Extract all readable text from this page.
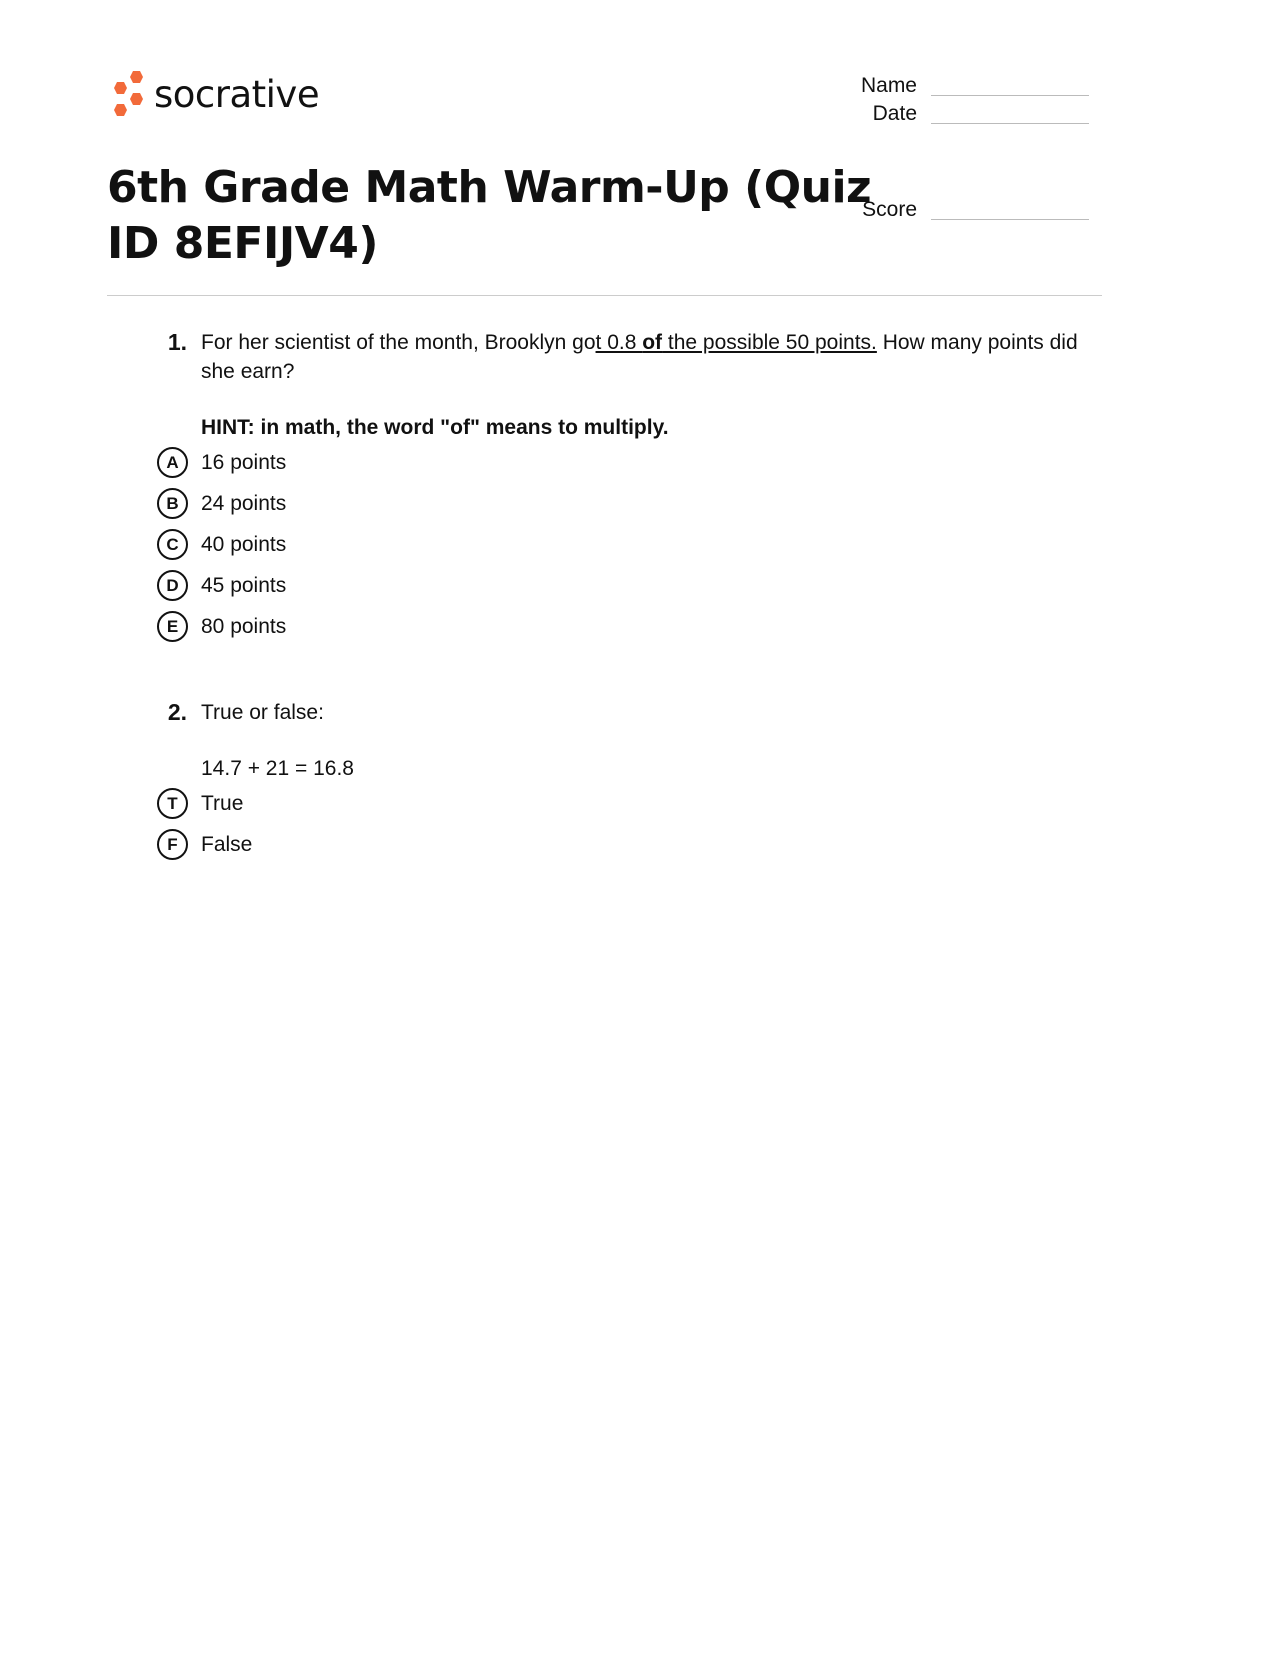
socrative	Name
Date
Score
6th Grade Math Warm-Up (Quiz ID 8EFIJV4)
1. For her scientist of the month, Brooklyn got 0.8 of the possible 50 points. How many points did she earn?
HINT: in math, the word "of" means to multiply.
A	16 points
B	24 points
C	40 points
D	45 points
E	80 points
2. True or false:
14.7 + 21 = 16.8
T	True
F	False
